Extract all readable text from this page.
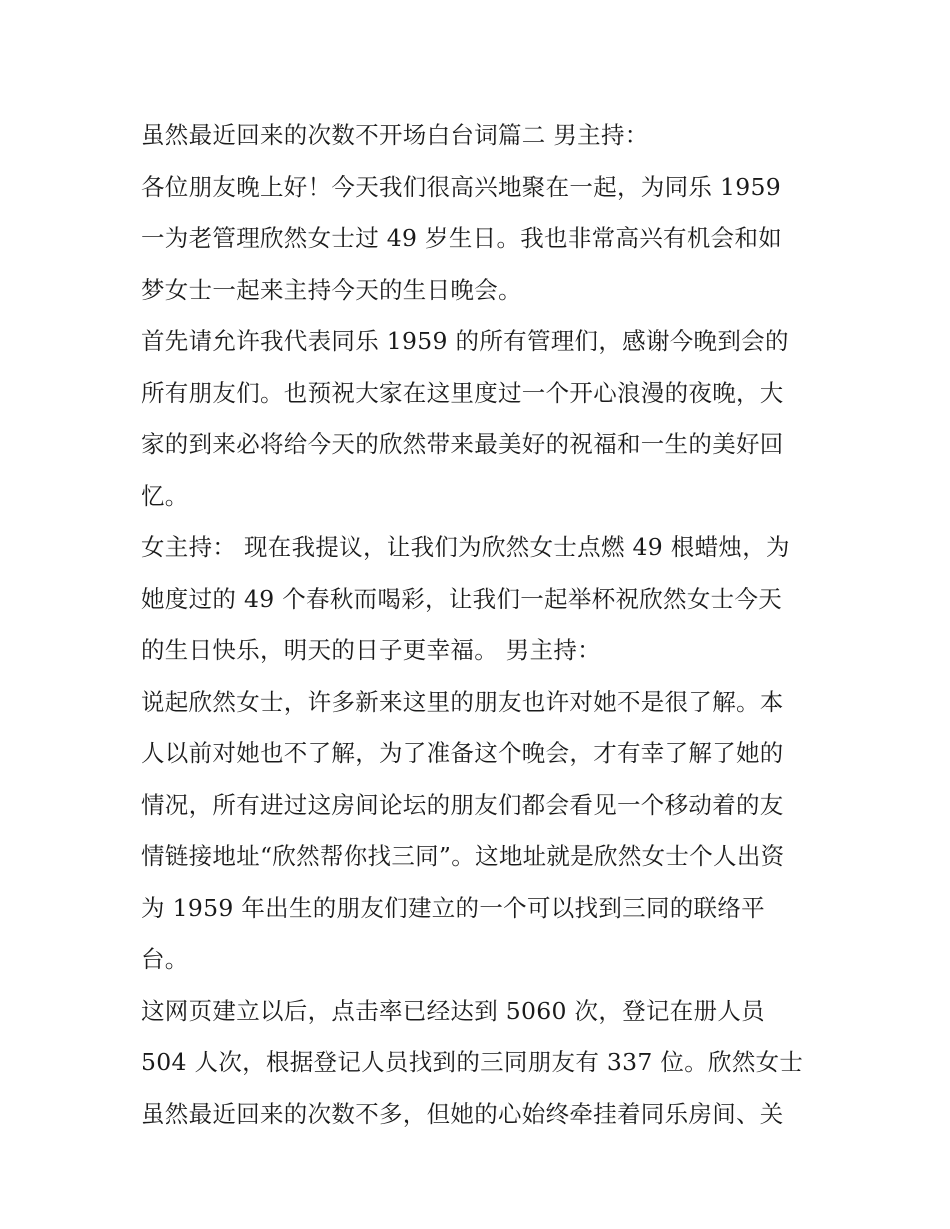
虽然最近回来的次数不开场白台词篇二 男主持：
各位朋友晚上好！今天我们很高兴地聚在一起，为同乐 1959
一为老管理欣然女士过 49 岁生日。我也非常高兴有机会和如
梦女士一起来主持今天的生日晚会。
首先请允许我代表同乐 1959 的所有管理们，感谢今晚到会的
所有朋友们。也预祝大家在这里度过一个开心浪漫的夜晚，大
家的到来必将给今天的欣然带来最美好的祝福和一生的美好回
忆。
女主持： 现在我提议，让我们为欣然女士点燃 49 根蜡烛，为
她度过的 49 个春秋而喝彩，让我们一起举杯祝欣然女士今天
的生日快乐，明天的日子更幸福。 男主持：
说起欣然女士，许多新来这里的朋友也许对她不是很了解。本
人以前对她也不了解，为了准备这个晚会，才有幸了解了她的
情况，所有进过这房间论坛的朋友们都会看见一个移动着的友
情链接地址“欣然帮你找三同”。这地址就是欣然女士个人出资
为 1959 年出生的朋友们建立的一个可以找到三同的联络平
台。
这网页建立以后，点击率已经达到 5060 次，登记在册人员
504 人次，根据登记人员找到的三同朋友有 337 位。欣然女士
虽然最近回来的次数不多，但她的心始终牵挂着同乐房间、关
